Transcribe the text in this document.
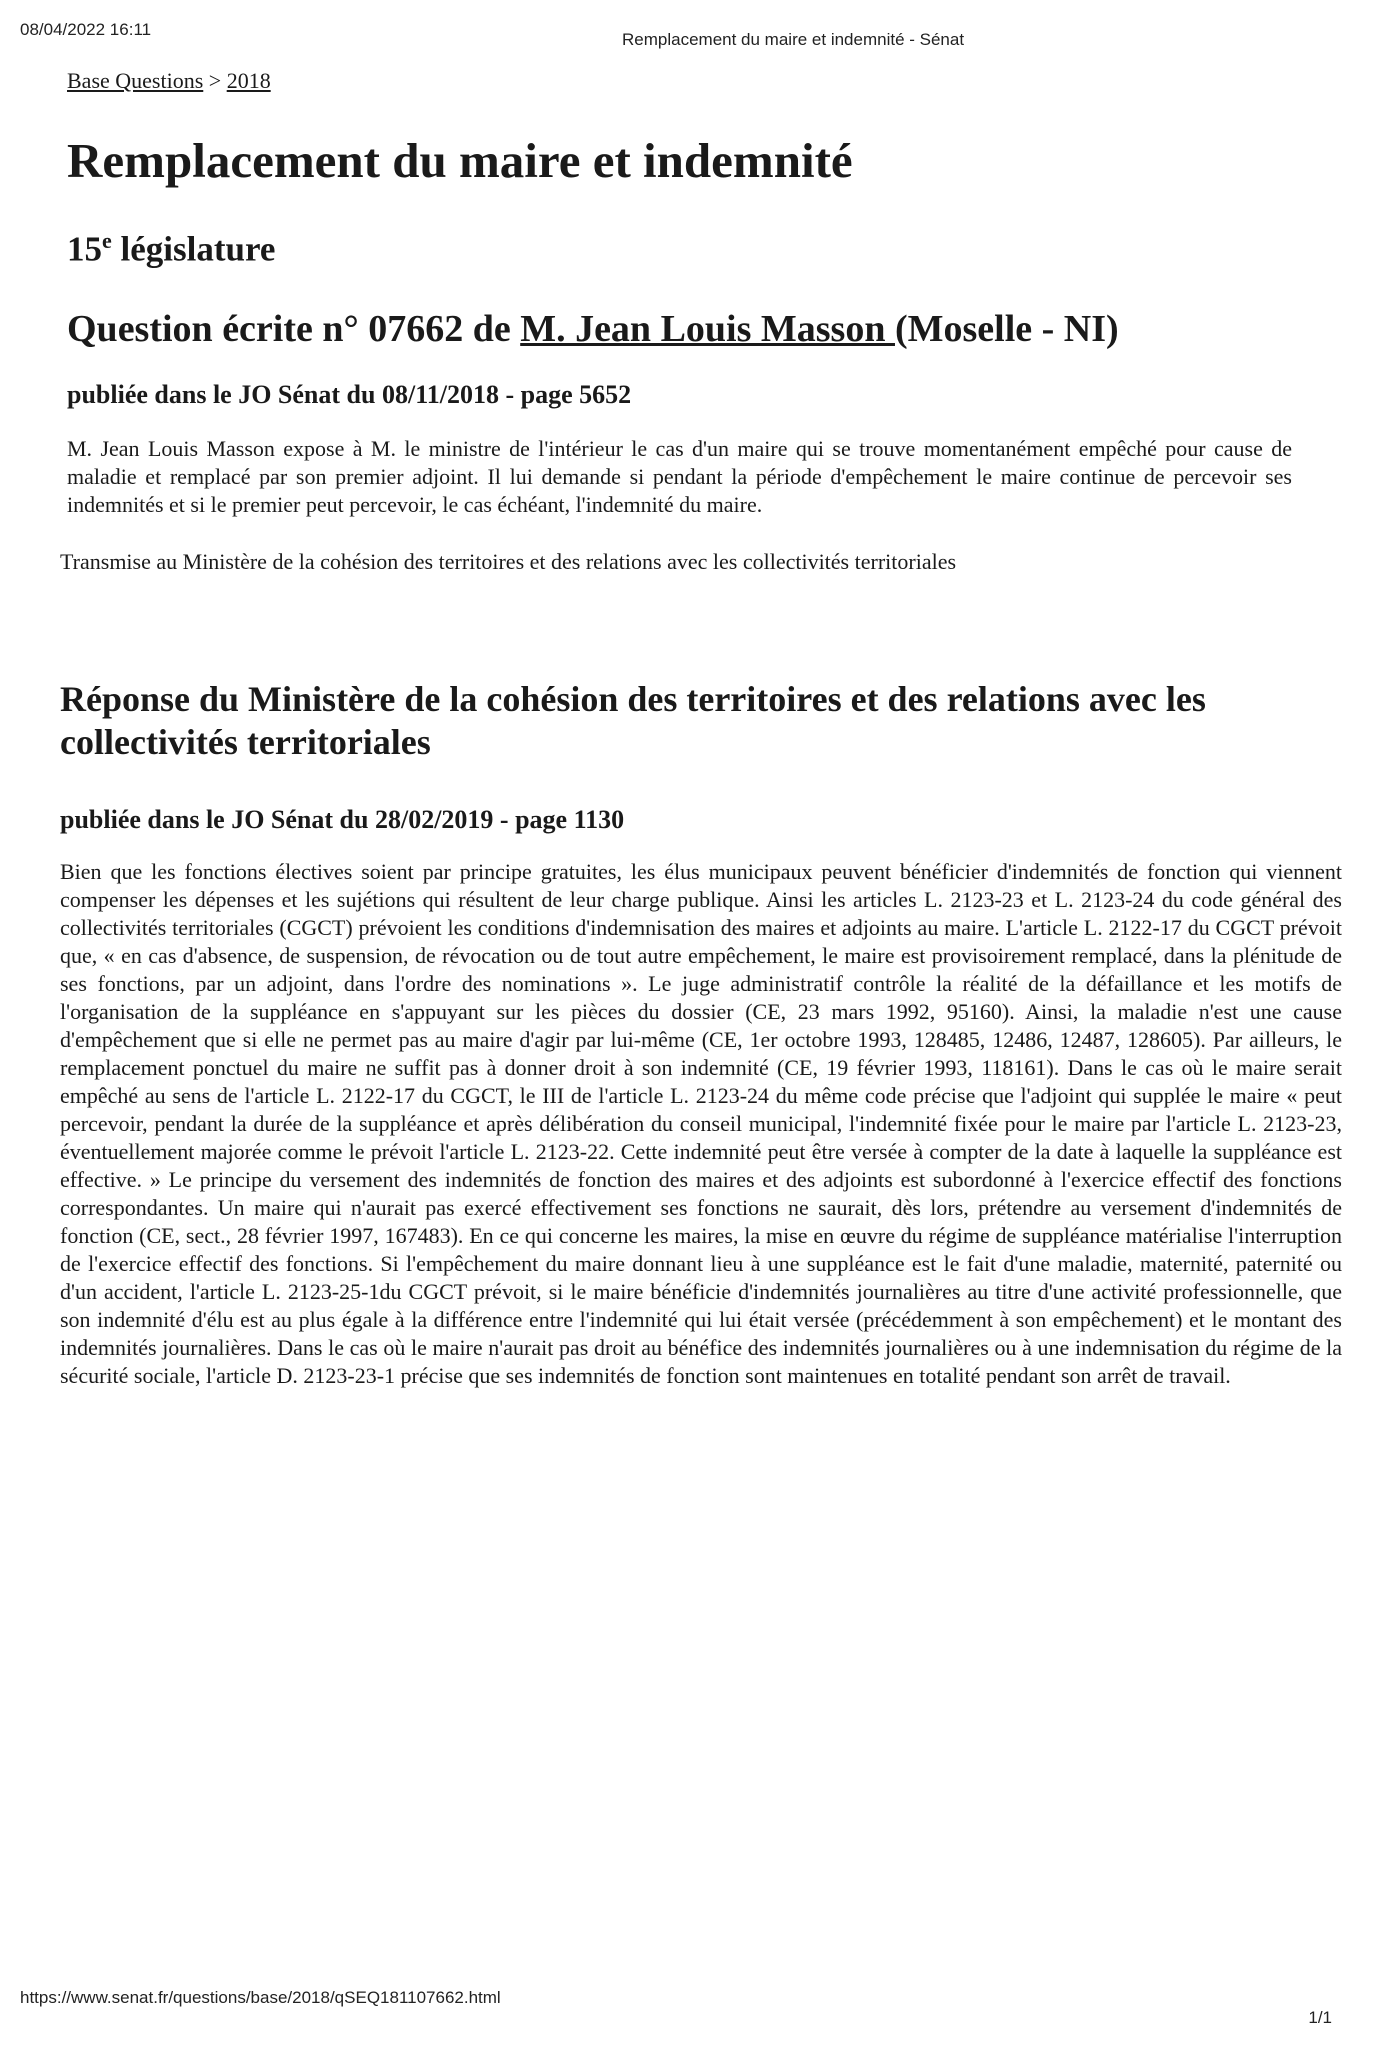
08/04/2022 16:11
Remplacement du maire et indemnité - Sénat
Base Questions > 2018
Remplacement du maire et indemnité
15e législature
Question écrite n° 07662 de M. Jean Louis Masson (Moselle - NI)
publiée dans le JO Sénat du 08/11/2018 - page 5652

M. Jean Louis Masson expose à M. le ministre de l'intérieur le cas d'un maire qui se trouve momentanément empêché pour cause de maladie et remplacé par son premier adjoint. Il lui demande si pendant la période d'empêchement le maire continue de percevoir ses indemnités et si le premier peut percevoir, le cas échéant, l'indemnité du maire.

Transmise au Ministère de la cohésion des territoires et des relations avec les collectivités territoriales

Réponse du Ministère de la cohésion des territoires et des relations avec les collectivités territoriales
publiée dans le JO Sénat du 28/02/2019 - page 1130

Bien que les fonctions électives soient par principe gratuites, les élus municipaux peuvent bénéficier d'indemnités de fonction qui viennent compenser les dépenses et les sujétions qui résultent de leur charge publique. Ainsi les articles L. 2123-23 et L. 2123-24 du code général des collectivités territoriales (CGCT) prévoient les conditions d'indemnisation des maires et adjoints au maire. L'article L. 2122-17 du CGCT prévoit que, « en cas d'absence, de suspension, de révocation ou de tout autre empêchement, le maire est provisoirement remplacé, dans la plénitude de ses fonctions, par un adjoint, dans l'ordre des nominations ». Le juge administratif contrôle la réalité de la défaillance et les motifs de l'organisation de la suppléance en s'appuyant sur les pièces du dossier (CE, 23 mars 1992, 95160). Ainsi, la maladie n'est une cause d'empêchement que si elle ne permet pas au maire d'agir par lui-même (CE, 1er octobre 1993, 128485, 12486, 12487, 128605). Par ailleurs, le remplacement ponctuel du maire ne suffit pas à donner droit à son indemnité (CE, 19 février 1993, 118161). Dans le cas où le maire serait empêché au sens de l'article L. 2122-17 du CGCT, le III de l'article L. 2123-24 du même code précise que l'adjoint qui supplée le maire « peut percevoir, pendant la durée de la suppléance et après délibération du conseil municipal, l'indemnité fixée pour le maire par l'article L. 2123-23, éventuellement majorée comme le prévoit l'article L. 2123-22. Cette indemnité peut être versée à compter de la date à laquelle la suppléance est effective. » Le principe du versement des indemnités de fonction des maires et des adjoints est subordonné à l'exercice effectif des fonctions correspondantes. Un maire qui n'aurait pas exercé effectivement ses fonctions ne saurait, dès lors, prétendre au versement d'indemnités de fonction (CE, sect., 28 février 1997, 167483). En ce qui concerne les maires, la mise en œuvre du régime de suppléance matérialise l'interruption de l'exercice effectif des fonctions. Si l'empêchement du maire donnant lieu à une suppléance est le fait d'une maladie, maternité, paternité ou d'un accident, l'article L. 2123-25-1du CGCT prévoit, si le maire bénéficie d'indemnités journalières au titre d'une activité professionnelle, que son indemnité d'élu est au plus égale à la différence entre l'indemnité qui lui était versée (précédemment à son empêchement) et le montant des indemnités journalières. Dans le cas où le maire n'aurait pas droit au bénéfice des indemnités journalières ou à une indemnisation du régime de la sécurité sociale, l'article D. 2123-23-1 précise que ses indemnités de fonction sont maintenues en totalité pendant son arrêt de travail.

https://www.senat.fr/questions/base/2018/qSEQ181107662.html
1/1
